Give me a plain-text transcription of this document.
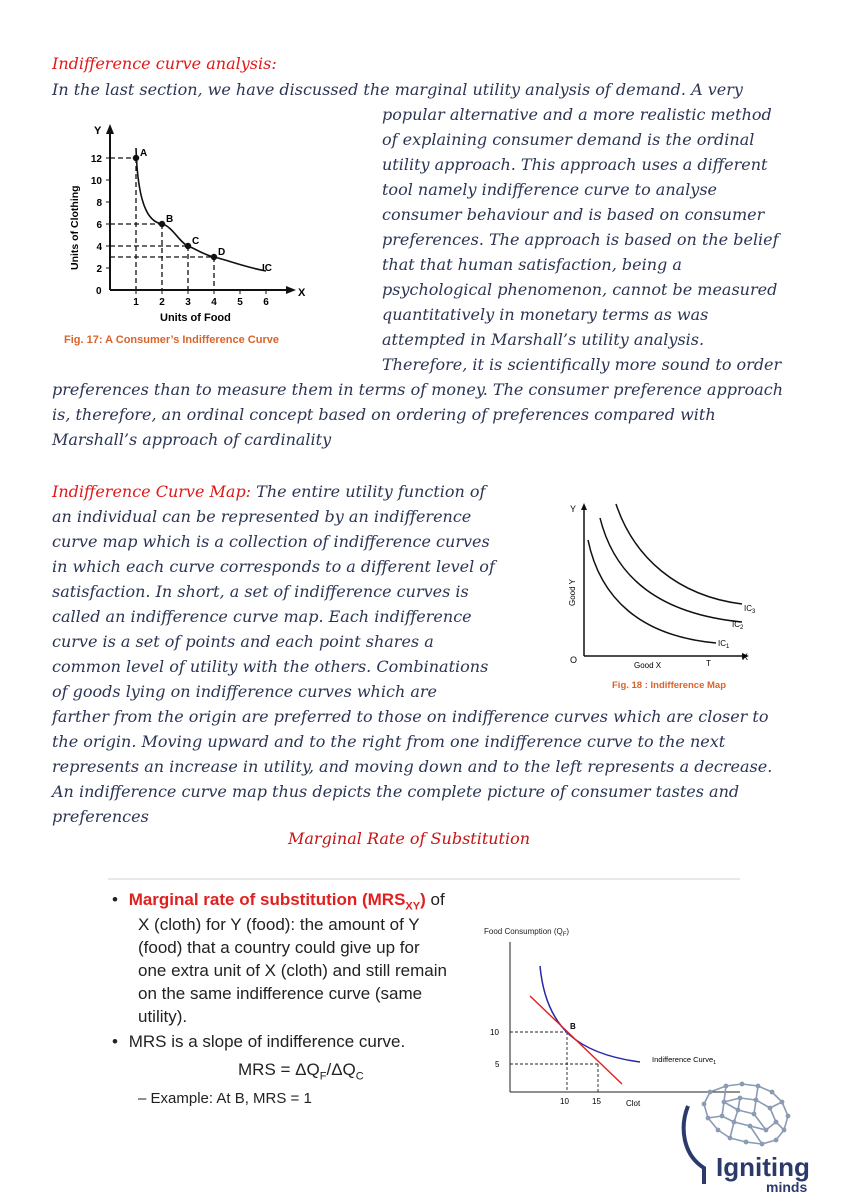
Indifference curve analysis:
In the last section, we have discussed the marginal utility analysis of demand. A very
popular alternative and a more realistic method
of explaining consumer demand is the ordinal
utility approach. This approach uses a different
tool namely indifference curve to analyse
consumer behaviour and is based on consumer
preferences. The approach is based on the belief
that that human satisfaction, being a
psychological phenomenon, cannot be measured
quantitatively in monetary terms as was
attempted in Marshall’s utility analysis.
Therefore, it is scientifically more sound to order
preferences than to measure them in terms of money. The consumer preference approach
is, therefore, an ordinal concept based on ordering of preferences compared with
Marshall’s approach of cardinality
Y
X
0
Units of Clothing
Units of Food
2
4
6
8
10
12
1 2 3 4 5 6
A
B
C
D
IC
Fig. 17: A Consumer’s Indifference Curve
Indifference Curve Map: The entire utility function of
an individual can be represented by an indifference
curve map which is a collection of indifference curves
in which each curve corresponds to a different level of
satisfaction. In short, a set of indifference curves is
called an indifference curve map. Each indifference
curve is a set of points and each point shares a
common level of utility with the others. Combinations
of goods lying on indifference curves which are
farther from the origin are preferred to those on indifference curves which are closer to
the origin. Moving upward and to the right from one indifference curve to the next
represents an increase in utility, and moving down and to the left represents a decrease.
An indifference curve map thus depicts the complete picture of consumer tastes and
preferences
Y
X
O
Good Y
Good X	T
$IC_1$
$IC_2$
$IC_3$
Fig. 18 : Indifference Map
Marginal Rate of Substitution
• Marginal rate of substitution $(MRS_{XY})$ of
X (cloth) for Y (food): the amount of Y
(food) that a country could give up for
one extra unit of X (cloth) and still remain
on the same indifference curve (same
utility).
• MRS is a slope of indifference curve.
MRS = $\Delta Q_F/\Delta Q_C$
– Example: At B, MRS = 1
Food Consumption $(Q_F)$
B
10
5
10	15	Clot
Indifference Curve$_1$
Igniting
minds
